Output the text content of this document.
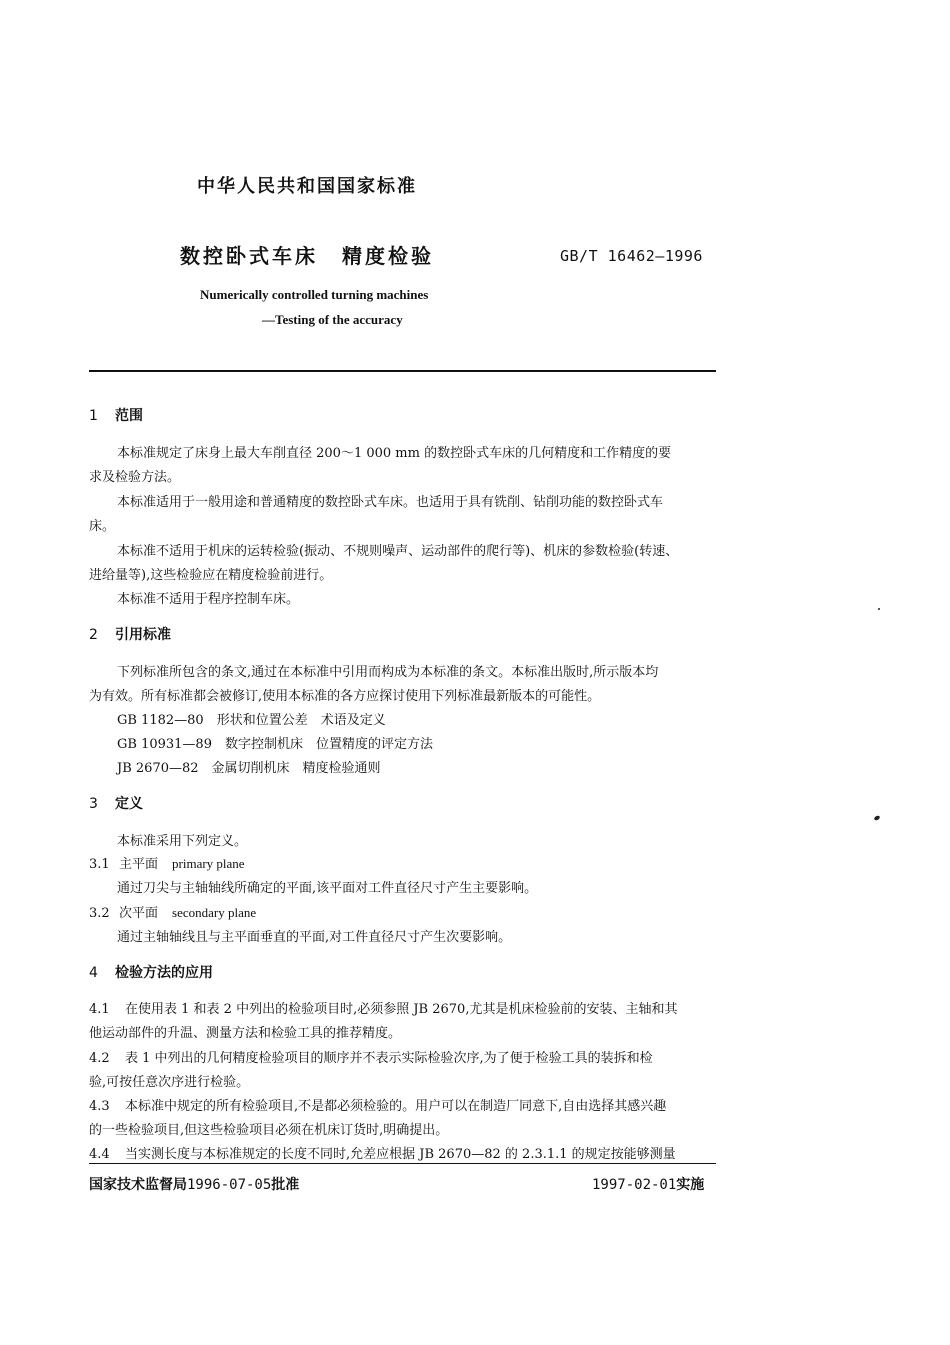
中华人民共和国国家标准
数控卧式车床 精度检验	GB/T 16462—1996
Numerically controlled turning machines
—Testing of the accuracy
1 范围
本标准规定了床身上最大车削直径 200～1 000 mm 的数控卧式车床的几何精度和工作精度的要
求及检验方法。
本标准适用于一般用途和普通精度的数控卧式车床。也适用于具有铣削、钻削功能的数控卧式车
床。
本标准不适用于机床的运转检验(振动、不规则噪声、运动部件的爬行等)、机床的参数检验(转速、
进给量等),这些检验应在精度检验前进行。
本标准不适用于程序控制车床。
2 引用标准
下列标准所包含的条文,通过在本标准中引用而构成为本标准的条文。本标准出版时,所示版本均
为有效。所有标准都会被修订,使用本标准的各方应探讨使用下列标准最新版本的可能性。
GB 1182—80　形状和位置公差　术语及定义
GB 10931—89　数字控制机床　位置精度的评定方法
JB 2670—82　金属切削机床　精度检验通则
3 定义
本标准采用下列定义。
3.1 主平面 primary plane
通过刀尖与主轴轴线所确定的平面,该平面对工件直径尺寸产生主要影响。
3.2 次平面 secondary plane
通过主轴轴线且与主平面垂直的平面,对工件直径尺寸产生次要影响。
4 检验方法的应用
4.1 在使用表 1 和表 2 中列出的检验项目时,必须参照 JB 2670,尤其是机床检验前的安装、主轴和其
他运动部件的升温、测量方法和检验工具的推荐精度。
4.2 表 1 中列出的几何精度检验项目的顺序并不表示实际检验次序,为了便于检验工具的装拆和检
验,可按任意次序进行检验。
4.3 本标准中规定的所有检验项目,不是都必须检验的。用户可以在制造厂同意下,自由选择其感兴趣
的一些检验项目,但这些检验项目必须在机床订货时,明确提出。
4.4 当实测长度与本标准规定的长度不同时,允差应根据 JB 2670—82 的 2.3.1.1 的规定按能够测量
国家技术监督局1996-07-05批准	1997-02-01实施
